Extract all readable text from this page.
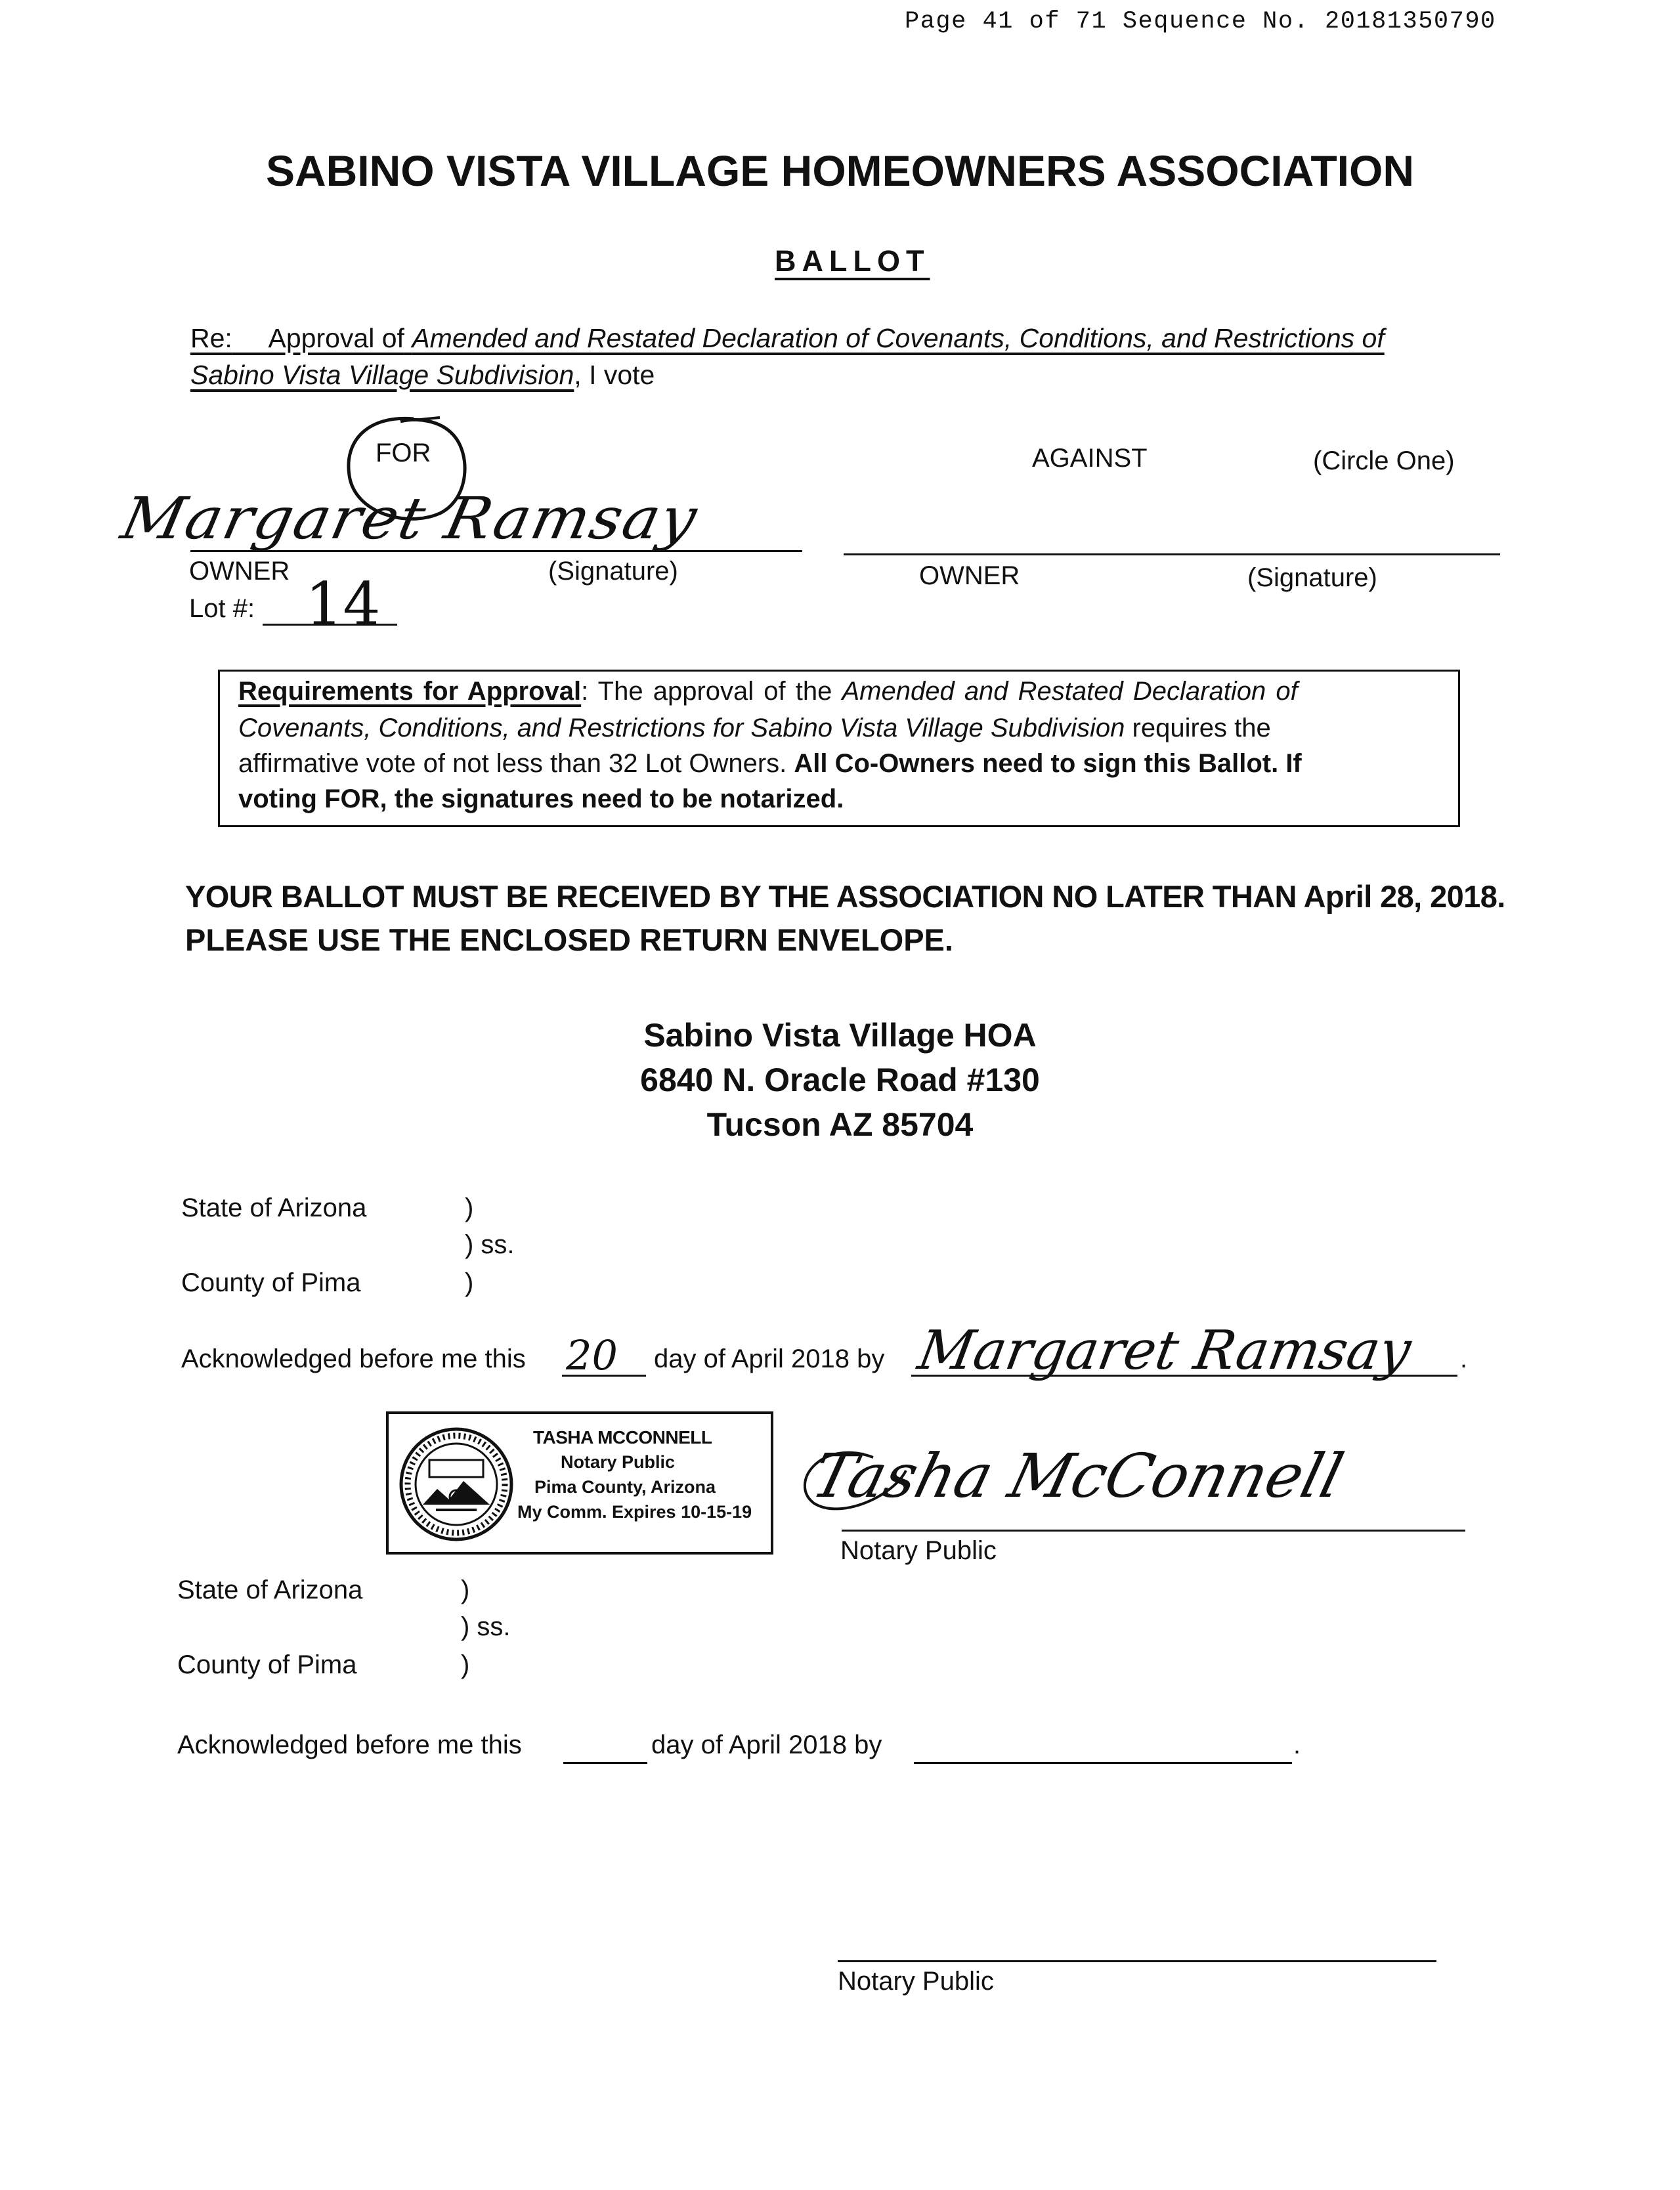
Page 41 of 71 Sequence No. 20181350790
SABINO VISTA VILLAGE HOMEOWNERS ASSOCIATION
BALLOT
Re: Approval of Amended and Restated Declaration of Covenants, Conditions, and Restrictions of
Sabino Vista Village Subdivision, I vote
FOR	AGAINST	(Circle One)
Margaret Ramsay
OWNER	(Signature)	OWNER	(Signature)
Lot #: 14
Requirements for Approval: The approval of the Amended and Restated Declaration of
Covenants, Conditions, and Restrictions for Sabino Vista Village Subdivision requires the
affirmative vote of not less than 32 Lot Owners. All Co-Owners need to sign this Ballot. If
voting FOR, the signatures need to be notarized.
YOUR BALLOT MUST BE RECEIVED BY THE ASSOCIATION NO LATER THAN April 28, 2018.
PLEASE USE THE ENCLOSED RETURN ENVELOPE.
Sabino Vista Village HOA
6840 N. Oracle Road #130
Tucson AZ 85704
State of Arizona	)
) ss.
County of Pima	)
Acknowledged before me this 20 day of April 2018 by Margaret Ramsay .
TASHA MCCONNELL
Notary Public
Pima County, Arizona
My Comm. Expires 10-15-19
Tasha McConnell
Notary Public
State of Arizona	)
) ss.
County of Pima	)
Acknowledged before me this	day of April 2018 by	.
Notary Public
